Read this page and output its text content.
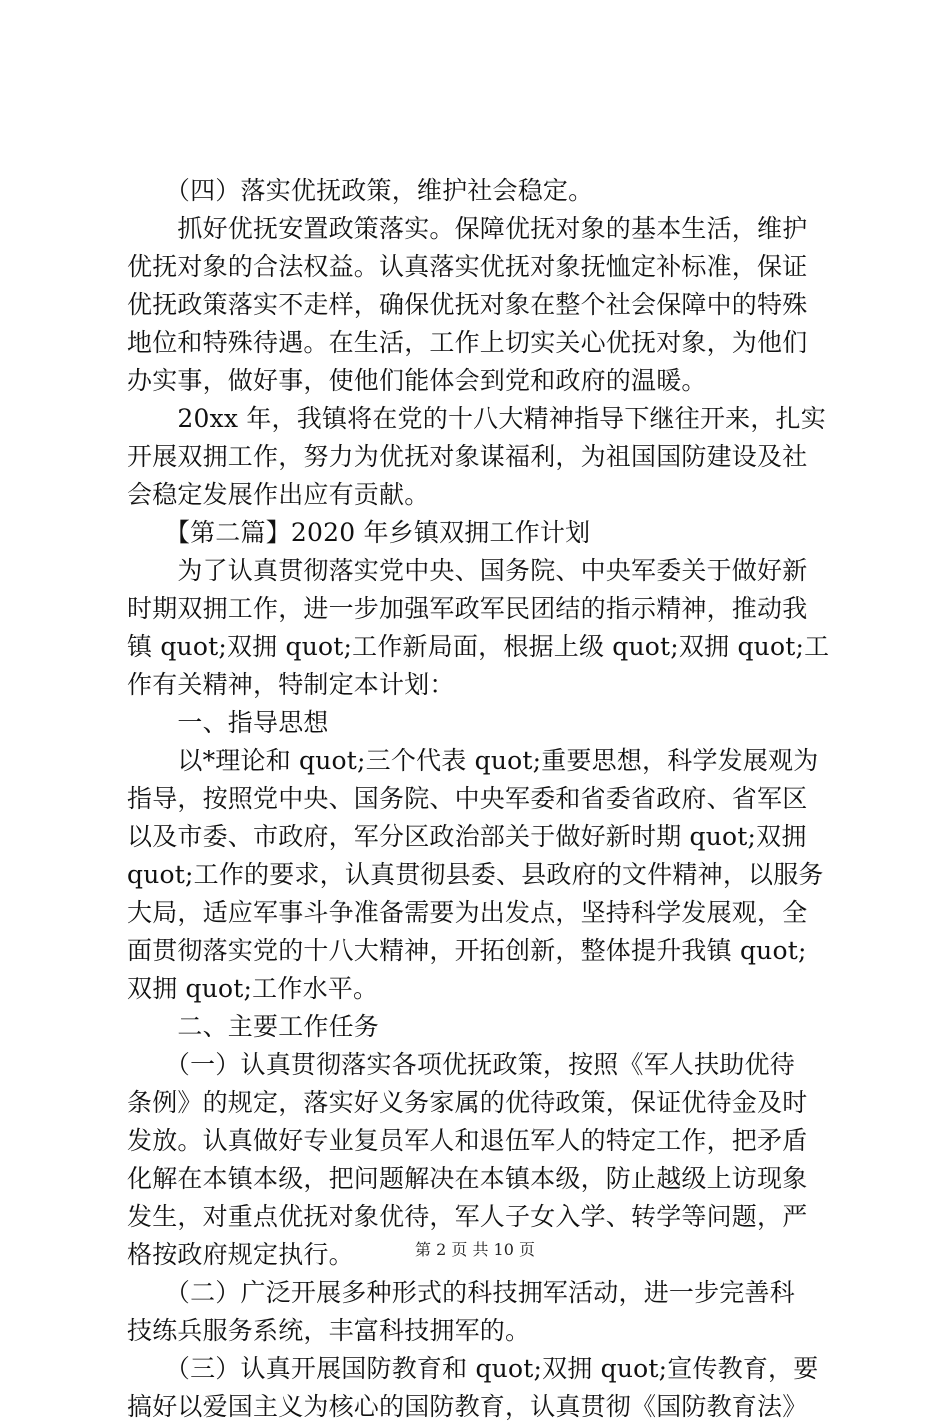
　　（四）落实优抚政策，维护社会稳定。
　　抓好优抚安置政策落实。保障优抚对象的基本生活，维护
优抚对象的合法权益。认真落实优抚对象抚恤定补标准，保证
优抚政策落实不走样，确保优抚对象在整个社会保障中的特殊
地位和特殊待遇。在生活，工作上切实关心优抚对象，为他们
办实事，做好事，使他们能体会到党和政府的温暖。
　　20xx 年，我镇将在党的十八大精神指导下继往开来，扎实
开展双拥工作，努力为优抚对象谋福利，为祖国国防建设及社
会稳定发展作出应有贡献。
　　【第二篇】2020 年乡镇双拥工作计划
　　为了认真贯彻落实党中央、国务院、中央军委关于做好新
时期双拥工作，进一步加强军政军民团结的指示精神，推动我
镇 quot;双拥 quot;工作新局面，根据上级 quot;双拥 quot;工
作有关精神，特制定本计划：
　　一、指导思想
　　以*理论和 quot;三个代表 quot;重要思想，科学发展观为
指导，按照党中央、国务院、中央军委和省委省政府、省军区
以及市委、市政府，军分区政治部关于做好新时期 quot;双拥
quot;工作的要求，认真贯彻县委、县政府的文件精神，以服务
大局，适应军事斗争准备需要为出发点，坚持科学发展观，全
面贯彻落实党的十八大精神，开拓创新，整体提升我镇 quot;
双拥 quot;工作水平。
　　二、主要工作任务
　　（一）认真贯彻落实各项优抚政策，按照《军人扶助优待
条例》的规定，落实好义务家属的优待政策，保证优待金及时
发放。认真做好专业复员军人和退伍军人的特定工作，把矛盾
化解在本镇本级，把问题解决在本镇本级，防止越级上访现象
发生，对重点优抚对象优待，军人子女入学、转学等问题，严
格按政府规定执行。
　　（二）广泛开展多种形式的科技拥军活动，进一步完善科
技练兵服务系统，丰富科技拥军的。
　　（三）认真开展国防教育和 quot;双拥 quot;宣传教育，要
搞好以爱国主义为核心的国防教育，认真贯彻《国防教育法》
第 2 页 共 10 页
